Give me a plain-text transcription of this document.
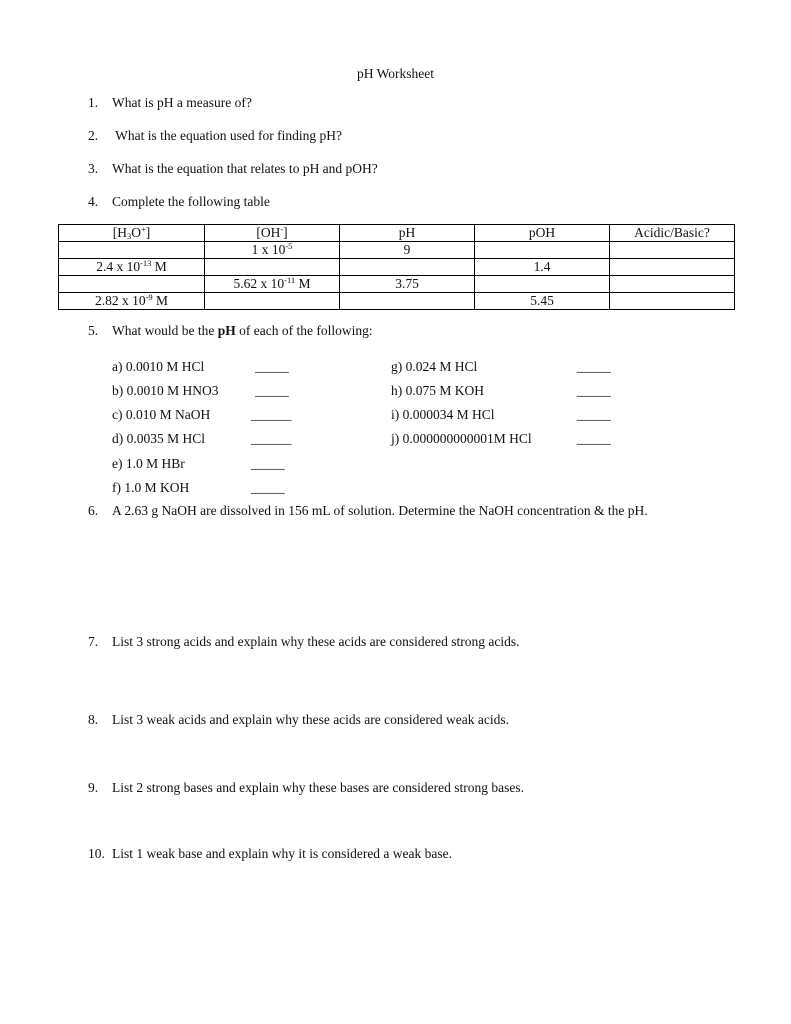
pH Worksheet
1. What is pH a measure of?
2. What is the equation used for finding pH?
3. What is the equation that relates to pH and pOH?
4. Complete the following table
$[H_3O^+]$	[OH-]	pH	pOH	Acidic/Basic?
	1 x $10^{-5}$	9		
2.4 x $10^{-13}$ M			1.4	
	5.62 x $10^{-11}$ M	3.75		
2.82 x $10^{-9}$ M			5.45	
5. What would be the pH of each of the following:
a) 0.0010 M HCl	_____
b) 0.0010 M HNO3	_____
c) 0.010 M NaOH	______
d) 0.0035 M HCl	______
e) 1.0 M HBr	_____
f) 1.0 M KOH	_____
g) 0.024 M HCl	_____
h) 0.075 M KOH	_____
i) 0.000034 M HCl	_____
j) 0.000000000001M HCl	_____
6. A 2.63 g NaOH are dissolved in 156 mL of solution. Determine the NaOH concentration & the pH.
7. List 3 strong acids and explain why these acids are considered strong acids.
8. List 3 weak acids and explain why these acids are considered weak acids.
9. List 2 strong bases and explain why these bases are considered strong bases.
10. List 1 weak base and explain why it is considered a weak base.
